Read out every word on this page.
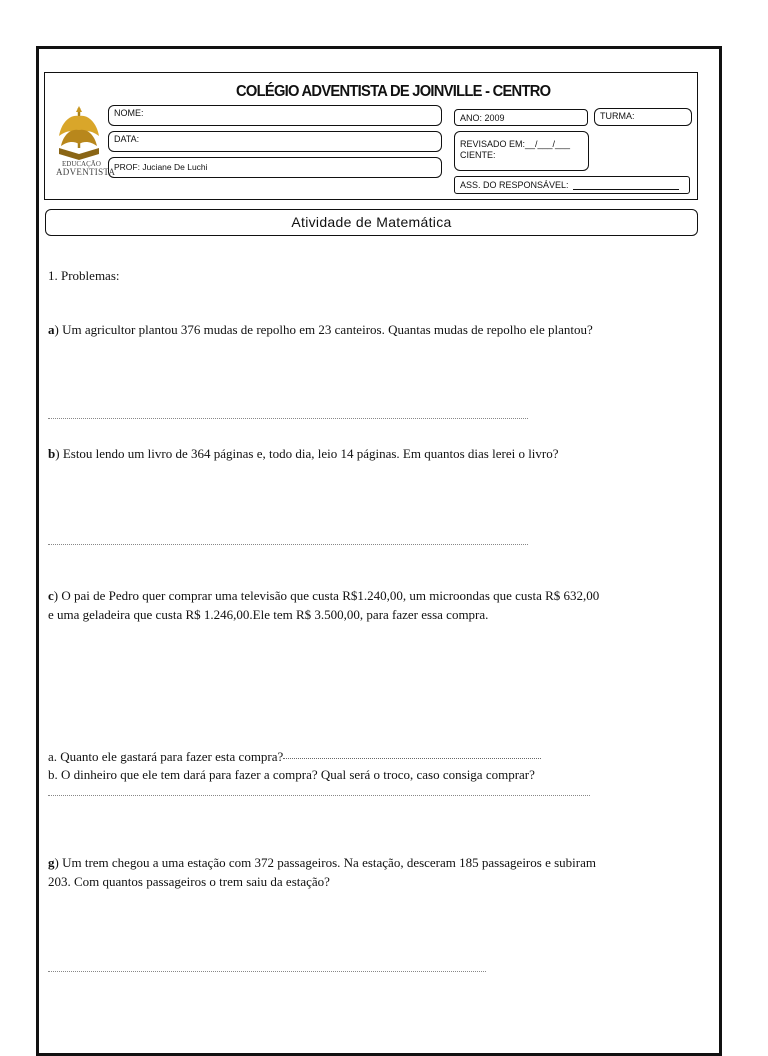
COLÉGIO ADVENTISTA DE JOINVILLE - CENTRO
EDUCAÇÃO
ADVENTISTA
NOME:
DATA:
PROF: Juciane De Luchi
ANO: 2009	TURMA:
REVISADO EM:__/___/___
CIENTE:
ASS. DO RESPONSÁVEL:
Atividade de Matemática
1. Problemas:
a) Um agricultor plantou 376 mudas de repolho em 23 canteiros. Quantas mudas de repolho ele plantou?
b) Estou lendo um livro de 364 páginas e, todo dia, leio 14 páginas. Em quantos dias lerei o livro?
c) O pai de Pedro quer comprar uma televisão que custa R$1.240,00, um microondas que custa R$ 632,00
e uma geladeira que custa R$ 1.246,00.Ele tem R$ 3.500,00, para fazer essa compra.
a. Quanto ele gastará para fazer esta compra?
b. O dinheiro que ele tem dará para fazer a compra? Qual será o troco, caso consiga comprar?
g) Um trem chegou a uma estação com 372 passageiros. Na estação, desceram 185 passageiros e subiram
203. Com quantos passageiros o trem saiu da estação?
